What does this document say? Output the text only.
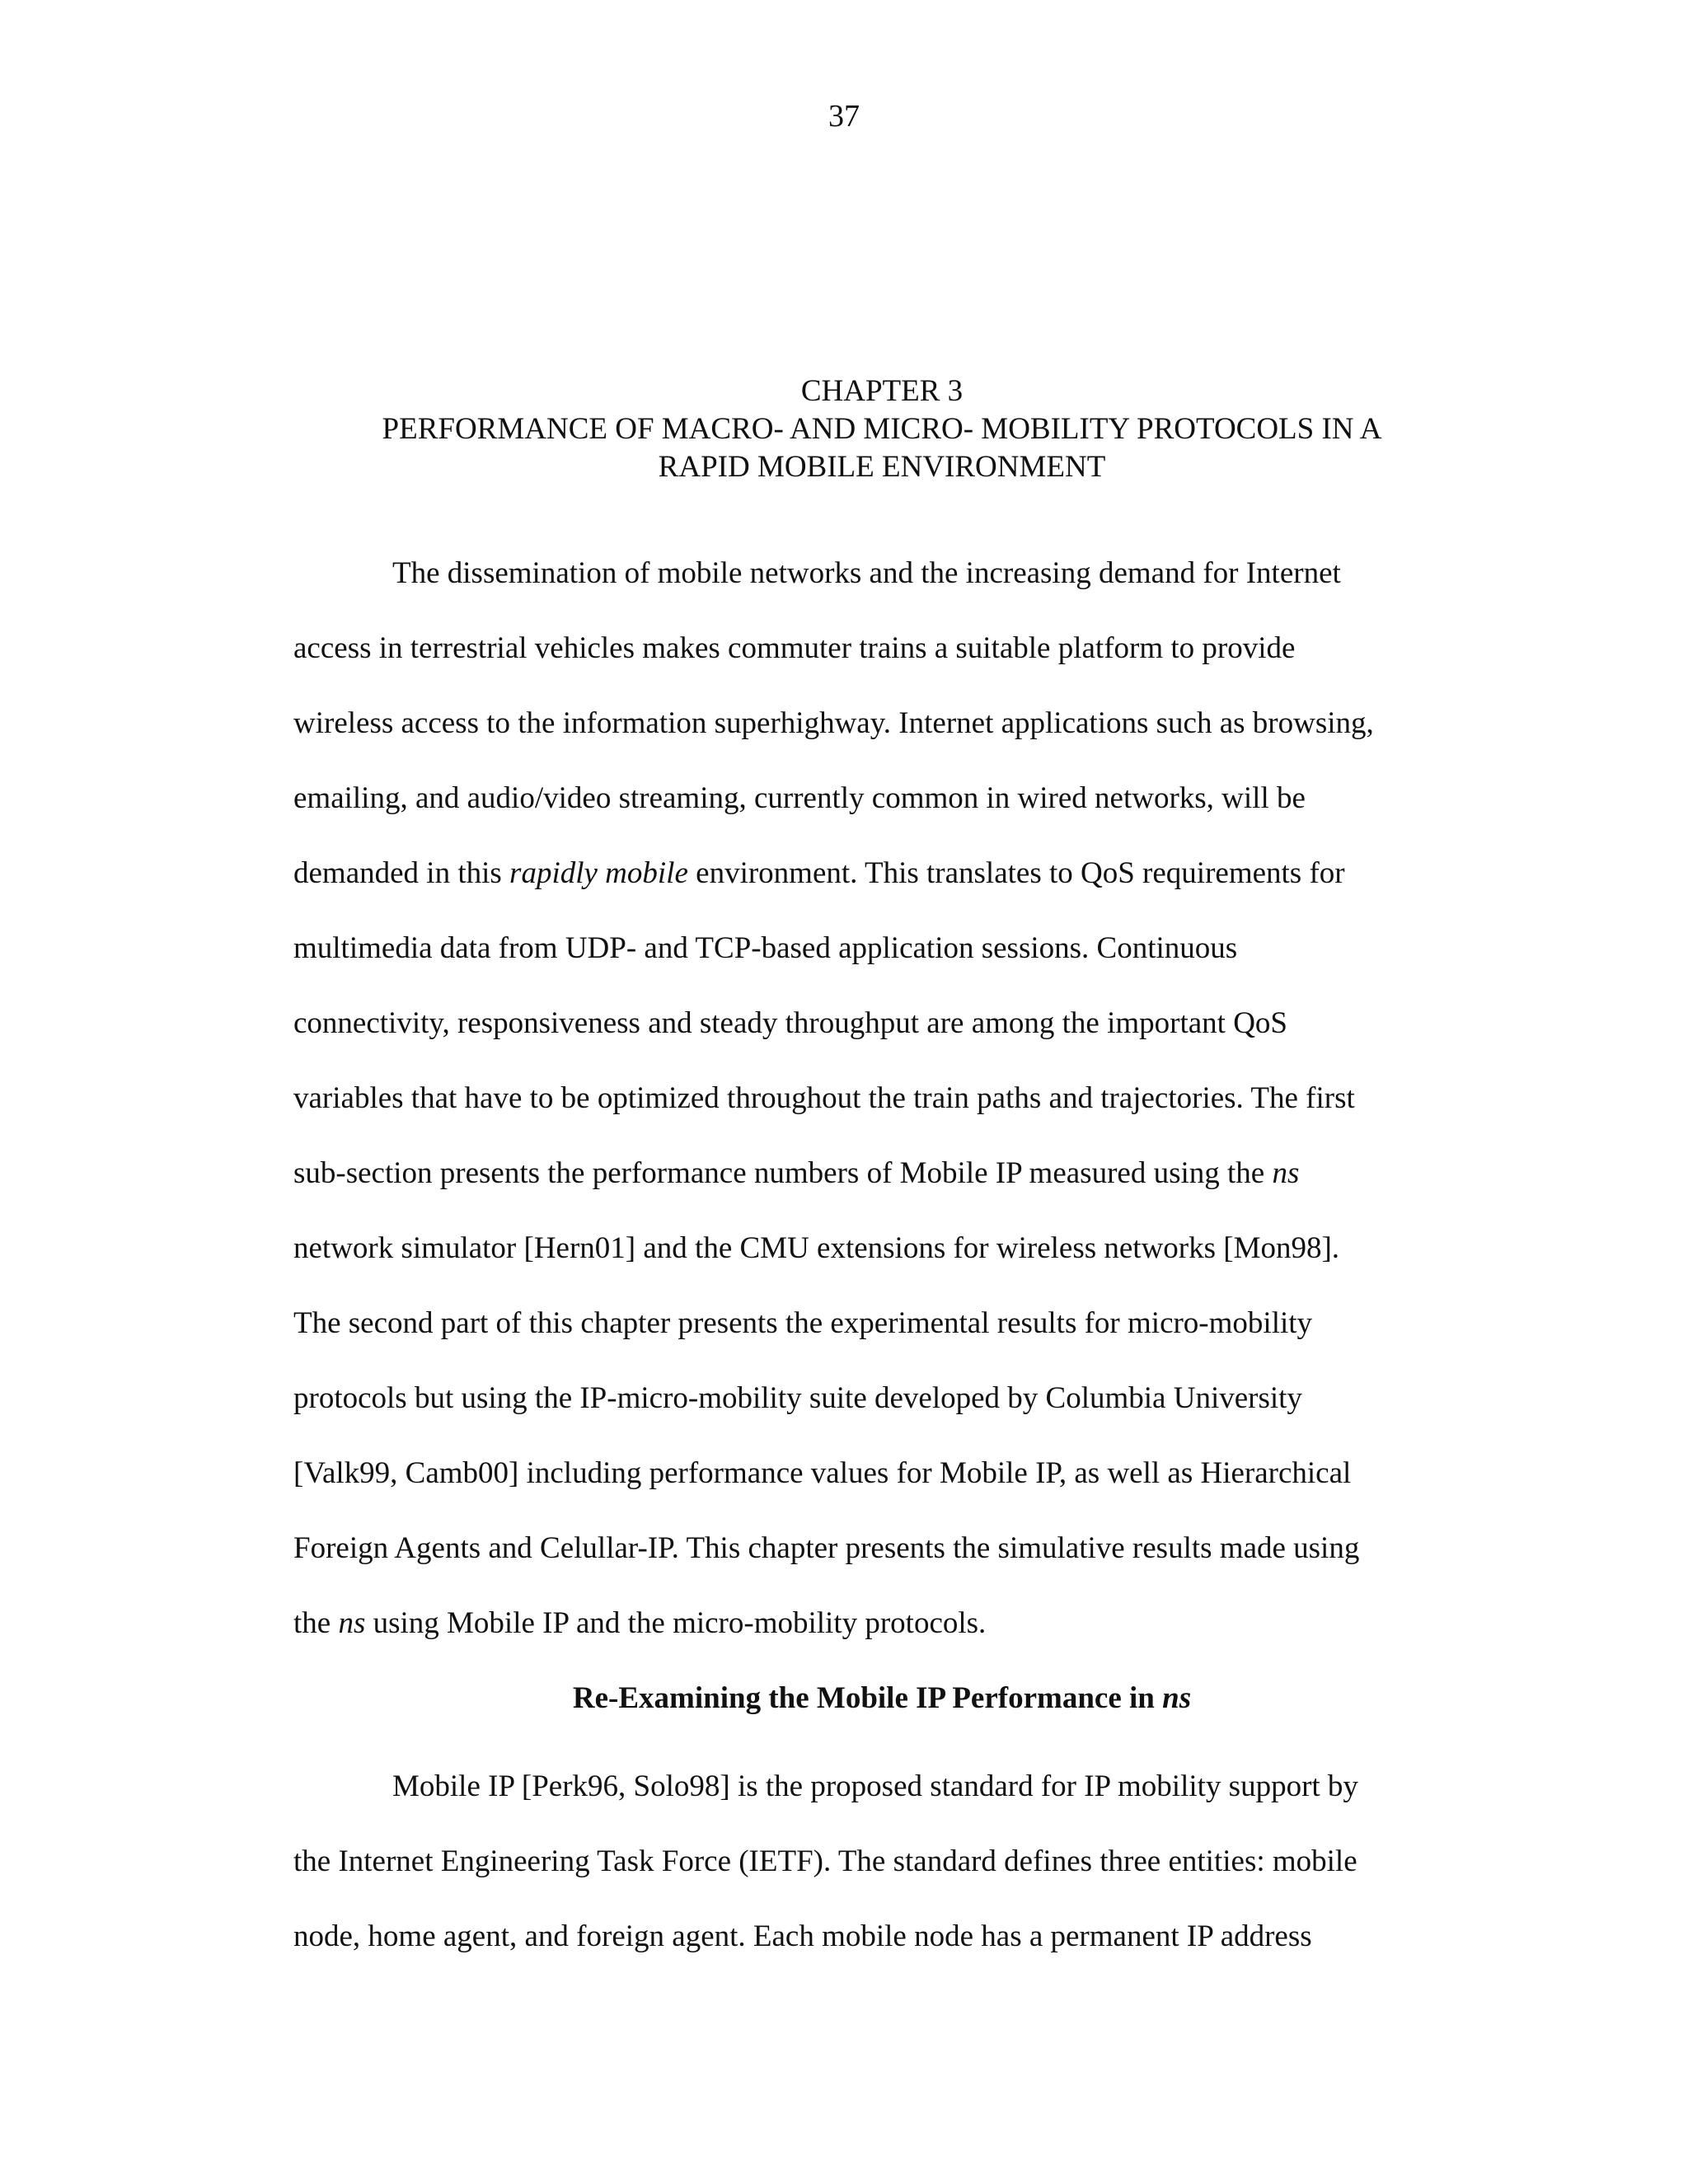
37
CHAPTER 3
PERFORMANCE OF MACRO- AND MICRO- MOBILITY PROTOCOLS IN A
RAPID MOBILE ENVIRONMENT
The dissemination of mobile networks and the increasing demand for Internet
access in terrestrial vehicles makes commuter trains a suitable platform to provide
wireless access to the information superhighway. Internet applications such as browsing,
emailing, and audio/video streaming, currently common in wired networks, will be
demanded in this rapidly mobile environment. This translates to QoS requirements for
multimedia data from UDP- and TCP-based application sessions. Continuous
connectivity, responsiveness and steady throughput are among the important QoS
variables that have to be optimized throughout the train paths and trajectories. The first
sub-section presents the performance numbers of Mobile IP measured using the ns
network simulator [Hern01] and the CMU extensions for wireless networks [Mon98].
The second part of this chapter presents the experimental results for micro-mobility
protocols but using the IP-micro-mobility suite developed by Columbia University
[Valk99, Camb00] including performance values for Mobile IP, as well as Hierarchical
Foreign Agents and Celullar-IP. This chapter presents the simulative results made using
the ns using Mobile IP and the micro-mobility protocols.
Re-Examining the Mobile IP Performance in ns
Mobile IP [Perk96, Solo98] is the proposed standard for IP mobility support by
the Internet Engineering Task Force (IETF). The standard defines three entities: mobile
node, home agent, and foreign agent. Each mobile node has a permanent IP address
